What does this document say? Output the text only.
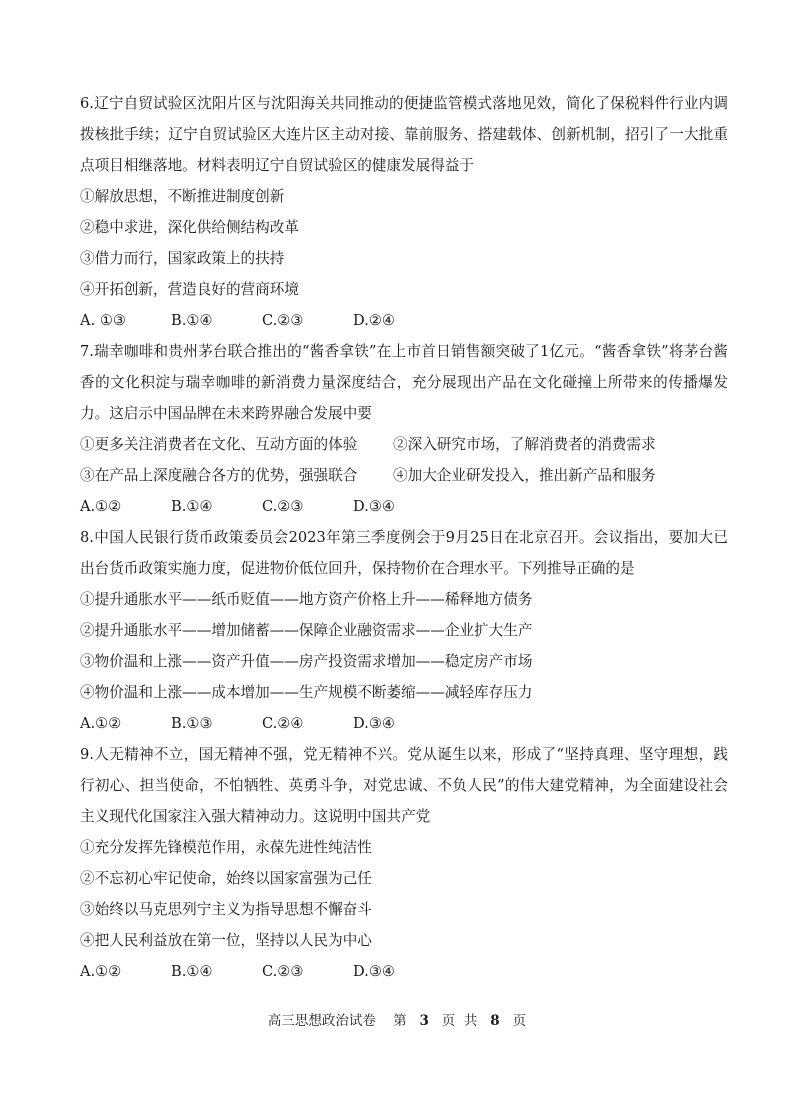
6.辽宁自贸试验区沈阳片区与沈阳海关共同推动的便捷监管模式落地见效，简化了保税料件行业内调拨核批手续；辽宁自贸试验区大连片区主动对接、靠前服务、搭建载体、创新机制，招引了一大批重点项目相继落地。材料表明辽宁自贸试验区的健康发展得益于

①解放思想，不断推进制度创新

②稳中求进，深化供给侧结构改革

③借力而行，国家政策上的扶持

④开拓创新，营造良好的营商环境

A. ①③	B.①④	C.②③	D.②④

7.瑞幸咖啡和贵州茅台联合推出的“酱香拿铁”在上市首日销售额突破了1亿元。“酱香拿铁”将茅台酱香的文化积淀与瑞幸咖啡的新消费力量深度结合，充分展现出产品在文化碰撞上所带来的传播爆发力。这启示中国品牌在未来跨界融合发展中要

①更多关注消费者在文化、互动方面的体验	②深入研究市场，了解消费者的消费需求

③在产品上深度融合各方的优势，强强联合	④加大企业研发投入，推出新产品和服务

A.①②	B.①④	C.②③	D.③④

8.中国人民银行货币政策委员会2023年第三季度例会于9月25日在北京召开。会议指出，要加大已出台货币政策实施力度，促进物价低位回升，保持物价在合理水平。下列推导正确的是

①提升通胀水平——纸币贬值——地方资产价格上升——稀释地方债务

②提升通胀水平——增加储蓄——保障企业融资需求——企业扩大生产

③物价温和上涨——资产升值——房产投资需求增加——稳定房产市场

④物价温和上涨——成本增加——生产规模不断萎缩——减轻库存压力

A.①②	B.①③	C.②④	D.③④

9.人无精神不立，国无精神不强，党无精神不兴。党从诞生以来，形成了“坚持真理、坚守理想，践行初心、担当使命，不怕牺牲、英勇斗争，对党忠诚、不负人民”的伟大建党精神，为全面建设社会主义现代化国家注入强大精神动力。这说明中国共产党

①充分发挥先锋模范作用，永葆先进性纯洁性

②不忘初心牢记使命，始终以国家富强为己任

③始终以马克思列宁主义为指导思想不懈奋斗

④把人民利益放在第一位，坚持以人民为中心

A.①②	B.①④	C.②③	D.③④
高三思想政治试卷 第 3 页  共 8 页
